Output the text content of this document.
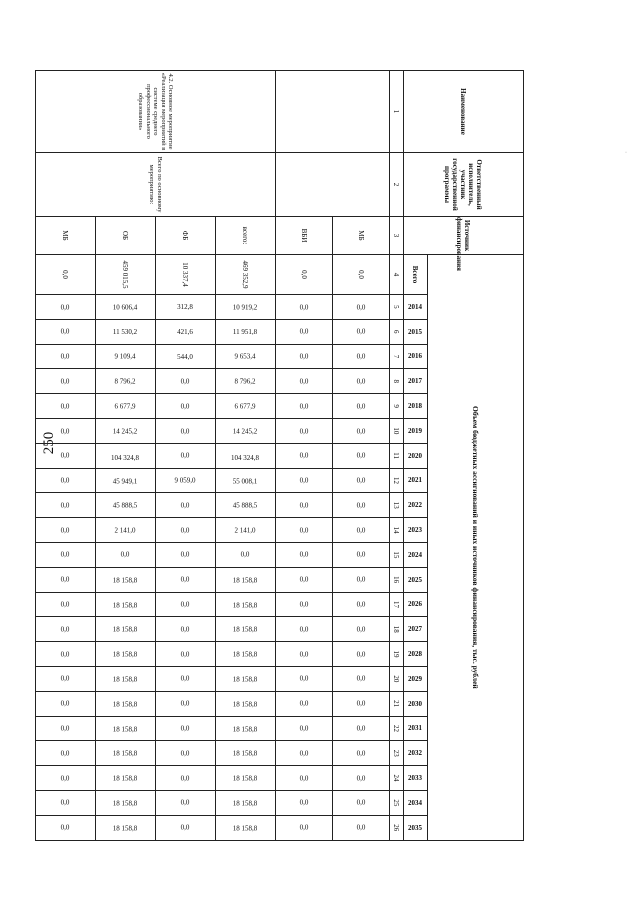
250
·
Наименование	Ответственный исполнитель, участник государственной программы	Источник финансирования	Объем бюджетных ассигнований и иных источников финансирования, тыс. рублей																						
			Всего	2014	2015	2016	2017	2018	2019	2020	2021	2022	2023	2024	2025	2026	2027	2028	2029	2030	2031	2032	2033	2034	2035
1	2	3	4	5	6	7	8	9	10	11	12	13	14	15	16	17	18	19	20	21	22	23	24	25	26
		МБ	0,0	0,0	0,0	0,0	0,0	0,0	0,0	0,0	0,0	0,0	0,0	0,0	0,0	0,0	0,0	0,0	0,0	0,0	0,0	0,0	0,0	0,0	0,0
		ВБИ	0,0	0,0	0,0	0,0	0,0	0,0	0,0	0,0	0,0	0,0	0,0	0,0	0,0	0,0	0,0	0,0	0,0	0,0	0,0	0,0	0,0	0,0	0,0
4.2. Основное мероприятие «Реализация мероприятий в системе среднего профессионального образования»	Всего по основному мероприятию:	всего:	469 352,9	10 919,2	11 951,8	9 653,4	8 796,2	6 677,9	14 245,2	104 324,8	55 008,1	45 888,5	2 141,0	0,0	18 158,8	18 158,8	18 158,8	18 158,8	18 158,8	18 158,8	18 158,8	18 158,8	18 158,8	18 158,8	18 158,8
		ФБ	10 337,4	312,8	421,6	544,0	0,0	0,0	0,0	0,0	9 059,0	0,0	0,0	0,0	0,0	0,0	0,0	0,0	0,0	0,0	0,0	0,0	0,0	0,0	0,0
		ОБ	459 015,5	10 606,4	11 530,2	9 109,4	8 796,2	6 677,9	14 245,2	104 324,8	45 949,1	45 888,5	2 141,0	0,0	18 158,8	18 158,8	18 158,8	18 158,8	18 158,8	18 158,8	18 158,8	18 158,8	18 158,8	18 158,8	18 158,8
		МБ	0,0	0,0	0,0	0,0	0,0	0,0	0,0	0,0	0,0	0,0	0,0	0,0	0,0	0,0	0,0	0,0	0,0	0,0	0,0	0,0	0,0	0,0	0,0
